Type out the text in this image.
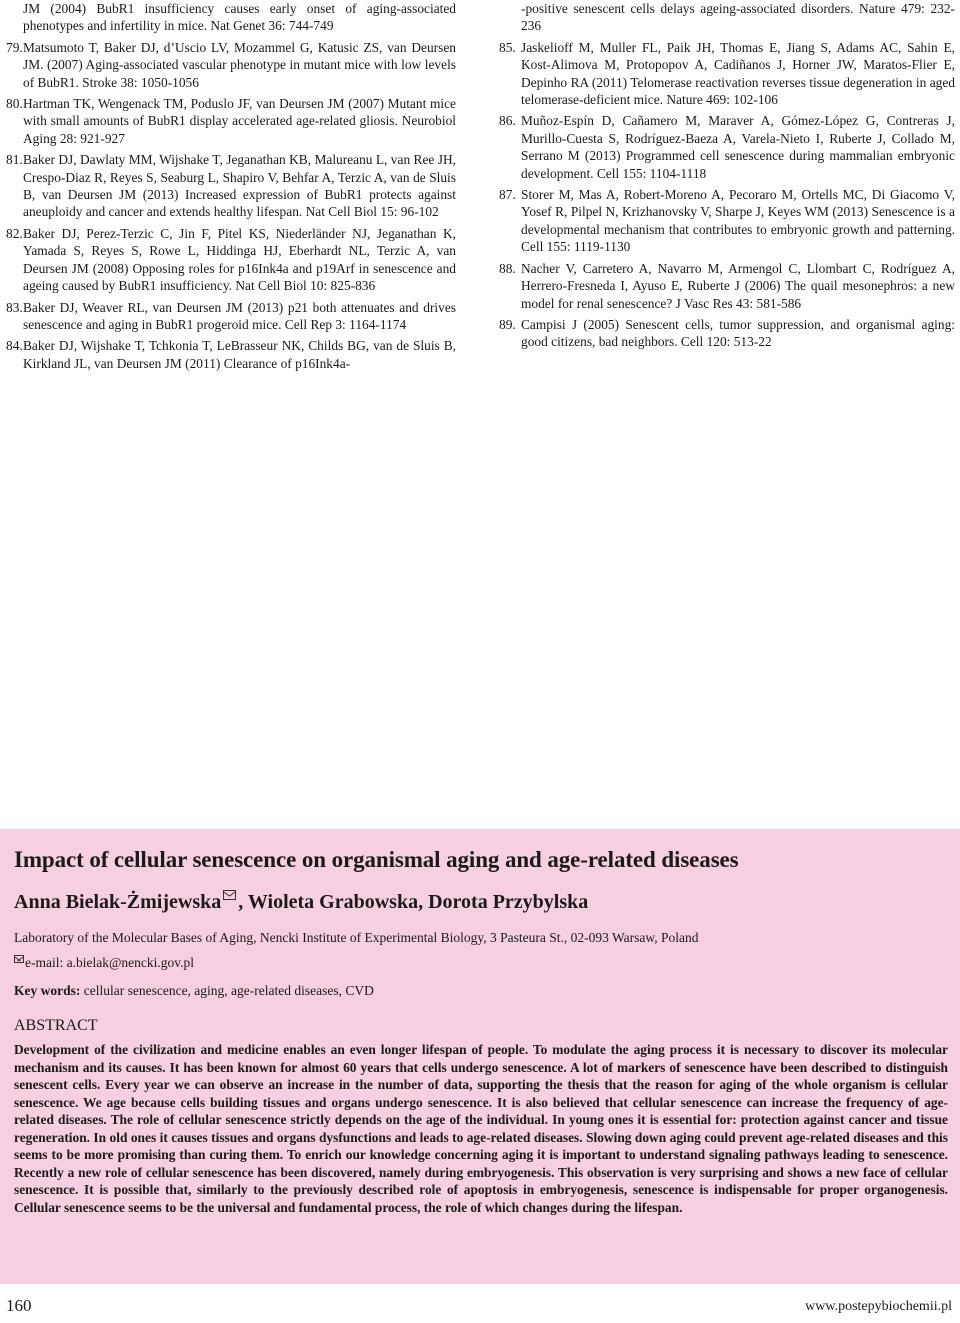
JM (2004) BubR1 insufficiency causes early onset of aging-associated phenotypes and infertility in mice. Nat Genet 36: 744-749
79. Matsumoto T, Baker DJ, d’Uscio LV, Mozammel G, Katusic ZS, van Deursen JM. (2007) Aging-associated vascular phenotype in mutant mice with low levels of BubR1. Stroke 38: 1050-1056
80. Hartman TK, Wengenack TM, Poduslo JF, van Deursen JM (2007) Mutant mice with small amounts of BubR1 display accelerated age-related gliosis. Neurobiol Aging 28: 921-927
81. Baker DJ, Dawlaty MM, Wijshake T, Jeganathan KB, Malureanu L, van Ree JH, Crespo-Diaz R, Reyes S, Seaburg L, Shapiro V, Behfar A, Terzic A, van de Sluis B, van Deursen JM (2013) Increased expression of BubR1 protects against aneuploidy and cancer and extends healthy lifespan. Nat Cell Biol 15: 96-102
82. Baker DJ, Perez-Terzic C, Jin F, Pitel KS, Niederländer NJ, Jeganathan K, Yamada S, Reyes S, Rowe L, Hiddinga HJ, Eberhardt NL, Terzic A, van Deursen JM (2008) Opposing roles for p16Ink4a and p19Arf in senescence and ageing caused by BubR1 insufficiency. Nat Cell Biol 10: 825-836
83. Baker DJ, Weaver RL, van Deursen JM (2013) p21 both attenuates and drives senescence and aging in BubR1 progeroid mice. Cell Rep 3: 1164-1174
84. Baker DJ, Wijshake T, Tchkonia T, LeBrasseur NK, Childs BG, van de Sluis B, Kirkland JL, van Deursen JM (2011) Clearance of p16Ink4a-
-positive senescent cells delays ageing-associated disorders. Nature 479: 232-236
85. Jaskelioff M, Muller FL, Paik JH, Thomas E, Jiang S, Adams AC, Sahin E, Kost-Alimova M, Protopopov A, Cadiñanos J, Horner JW, Maratos-Flier E, Depinho RA (2011) Telomerase reactivation reverses tissue degeneration in aged telomerase-deficient mice. Nature 469: 102-106
86. Muñoz-Espín D, Cañamero M, Maraver A, Gómez-López G, Contreras J, Murillo-Cuesta S, Rodríguez-Baeza A, Varela-Nieto I, Ruberte J, Collado M, Serrano M (2013) Programmed cell senescence during mammalian embryonic development. Cell 155: 1104-1118
87. Storer M, Mas A, Robert-Moreno A, Pecoraro M, Ortells MC, Di Giacomo V, Yosef R, Pilpel N, Krizhanovsky V, Sharpe J, Keyes WM (2013) Senescence is a developmental mechanism that contributes to embryonic growth and patterning. Cell 155: 1119-1130
88. Nacher V, Carretero A, Navarro M, Armengol C, Llombart C, Rodríguez A, Herrero-Fresneda I, Ayuso E, Ruberte J (2006) The quail mesonephros: a new model for renal senescence? J Vasc Res 43: 581-586
89. Campisi J (2005) Senescent cells, tumor suppression, and organismal aging: good citizens, bad neighbors. Cell 120: 513-22
Impact of cellular senescence on organismal aging and age-related diseases
Anna Bielak-Żmijewska , Wioleta Grabowska, Dorota Przybylska
Laboratory of the Molecular Bases of Aging, Nencki Institute of Experimental Biology, 3 Pasteura St., 02-093 Warsaw, Poland
e-mail: a.bielak@nencki.gov.pl
Key words: cellular senescence, aging, age-related diseases, CVD
ABSTRACT

Development of the civilization and medicine enables an even longer lifespan of people. To modulate the aging process it is necessary to discover its molecular mechanism and its causes. It has been known for almost 60 years that cells undergo senescence. A lot of markers of senescence have been described to distinguish senescent cells. Every year we can observe an increase in the number of data, supporting the thesis that the reason for aging of the whole organism is cellular senescence. We age because cells building tissues and organs undergo senescence. It is also believed that cellular senescence can increase the frequency of age-related diseases. The role of cellular senescence strictly depends on the age of the individual. In young ones it is essential for: protection against cancer and tissue regeneration. In old ones it causes tissues and organs dysfunctions and leads to age-related diseases. Slowing down aging could prevent age-related diseases and this seems to be more promising than curing them. To enrich our knowledge concerning aging it is important to understand signaling pathways leading to senescence. Recently a new role of cellular senescence has been discovered, namely during embryogenesis. This observation is very surprising and shows a new face of cellular senescence. It is possible that, similarly to the previously described role of apoptosis in embryogenesis, senescence is indispensable for proper organogenesis. Cellular senescence seems to be the universal and fundamental process, the role of which changes during the lifespan.

160	www.postepybiochemii.pl
